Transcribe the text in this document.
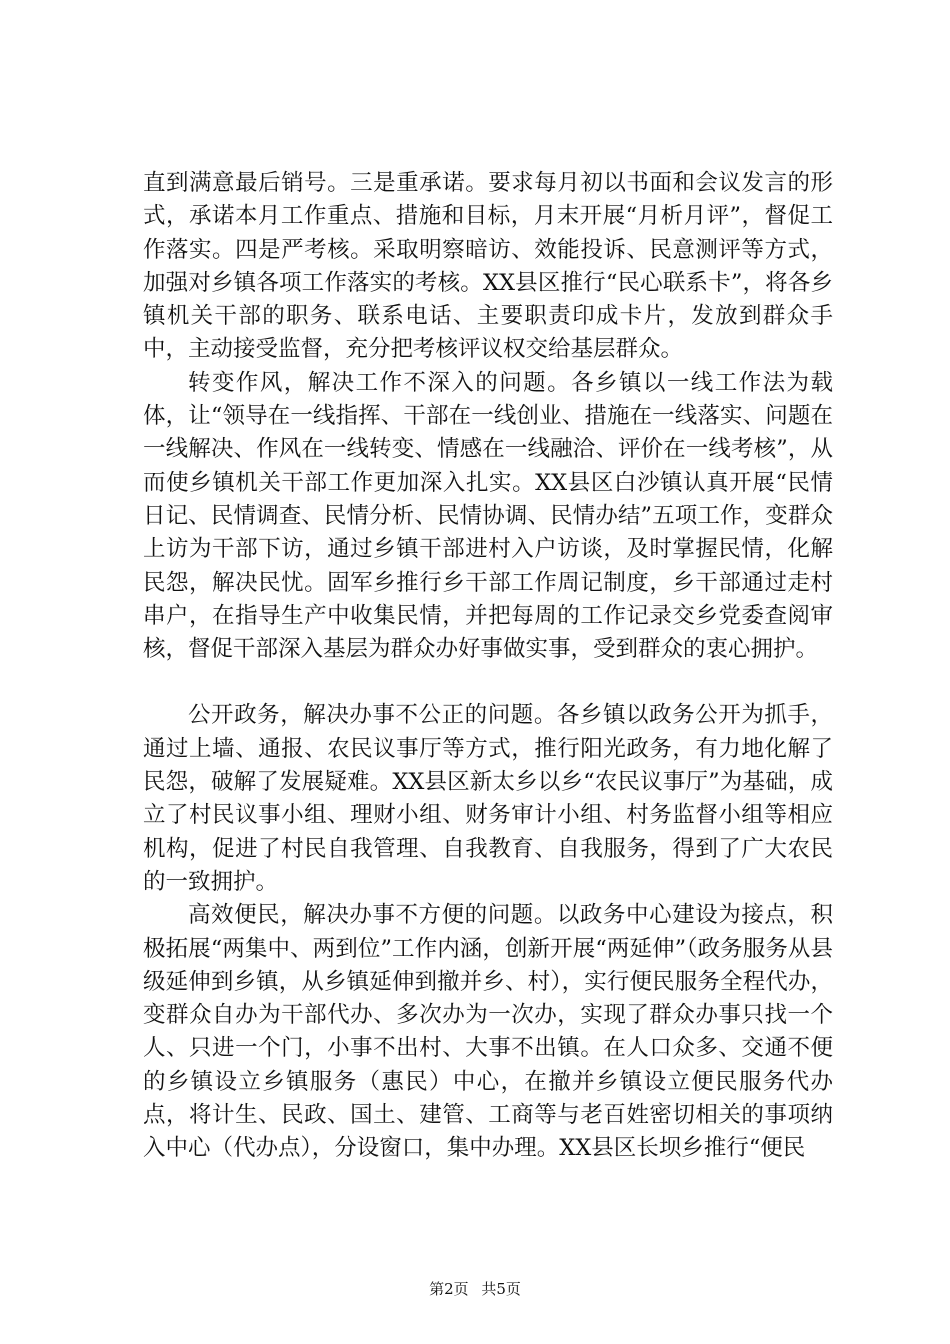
直到满意最后销号。三是重承诺。要求每月初以书面和会议发言的形式，承诺本月工作重点、措施和目标，月末开展“月析月评”，督促工作落实。四是严考核。采取明察暗访、效能投诉、民意测评等方式，加强对乡镇各项工作落实的考核。XX县区推行“民心联系卡”，将各乡镇机关干部的职务、联系电话、主要职责印成卡片，发放到群众手中，主动接受监督，充分把考核评议权交给基层群众。

转变作风，解决工作不深入的问题。各乡镇以一线工作法为载体，让“领导在一线指挥、干部在一线创业、措施在一线落实、问题在一线解决、作风在一线转变、情感在一线融洽、评价在一线考核”，从而使乡镇机关干部工作更加深入扎实。XX县区白沙镇认真开展“民情日记、民情调查、民情分析、民情协调、民情办结”五项工作，变群众上访为干部下访，通过乡镇干部进村入户访谈，及时掌握民情，化解民怨，解决民忧。固军乡推行乡干部工作周记制度，乡干部通过走村串户，在指导生产中收集民情，并把每周的工作记录交乡党委查阅审核，督促干部深入基层为群众办好事做实事，受到群众的衷心拥护。

公开政务，解决办事不公正的问题。各乡镇以政务公开为抓手，通过上墙、通报、农民议事厅等方式，推行阳光政务，有力地化解了民怨，破解了发展疑难。XX县区新太乡以乡“农民议事厅”为基础，成立了村民议事小组、理财小组、财务审计小组、村务监督小组等相应机构，促进了村民自我管理、自我教育、自我服务，得到了广大农民的一致拥护。

高效便民，解决办事不方便的问题。以政务中心建设为接点，积极拓展“两集中、两到位”工作内涵，创新开展“两延伸”（政务服务从县级延伸到乡镇，从乡镇延伸到撤并乡、村），实行便民服务全程代办，变群众自办为干部代办、多次办为一次办，实现了群众办事只找一个人、只进一个门，小事不出村、大事不出镇。在人口众多、交通不便的乡镇设立乡镇服务（惠民）中心，在撤并乡镇设立便民服务代办点，将计生、民政、国土、建管、工商等与老百姓密切相关的事项纳入中心（代办点），分设窗口，集中办理。XX县区长坝乡推行“便民

第2页 共5页
